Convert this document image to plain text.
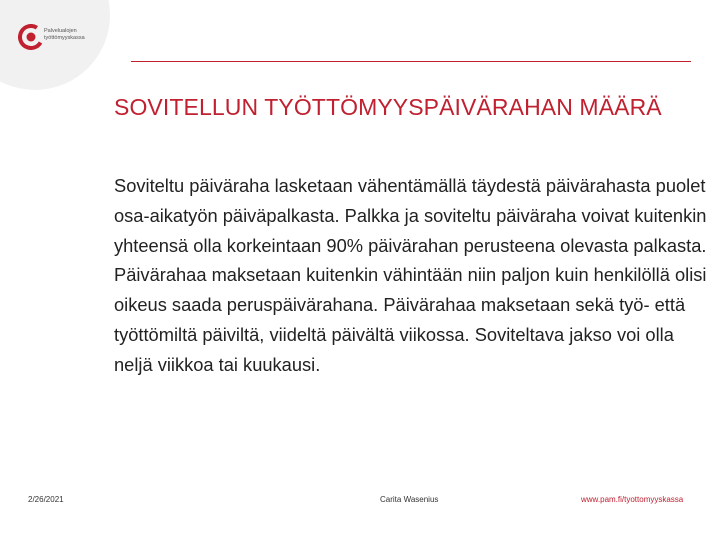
Palvelualojen
työttömyyskassa
SOVITELLUN TYÖTTÖMYYSPÄIVÄRAHAN MÄÄRÄ

Soviteltu päiväraha lasketaan vähentämällä täydestä päivärahasta puolet osa-aikatyön päiväpalkasta. Palkka ja soviteltu päiväraha voivat kuitenkin yhteensä olla korkeintaan 90% päivärahan perusteena olevasta palkasta. Päivärahaa maksetaan kuitenkin vähintään niin paljon kuin henkilöllä olisi oikeus saada peruspäivärahana. Päivärahaa maksetaan sekä työ- että työttömiltä päiviltä, viideltä päivältä viikossa. Soviteltava jakso voi olla neljä viikkoa tai kuukausi.

2/26/2021	Carita Wasenius	www.pam.fi/tyottomyyskassa
